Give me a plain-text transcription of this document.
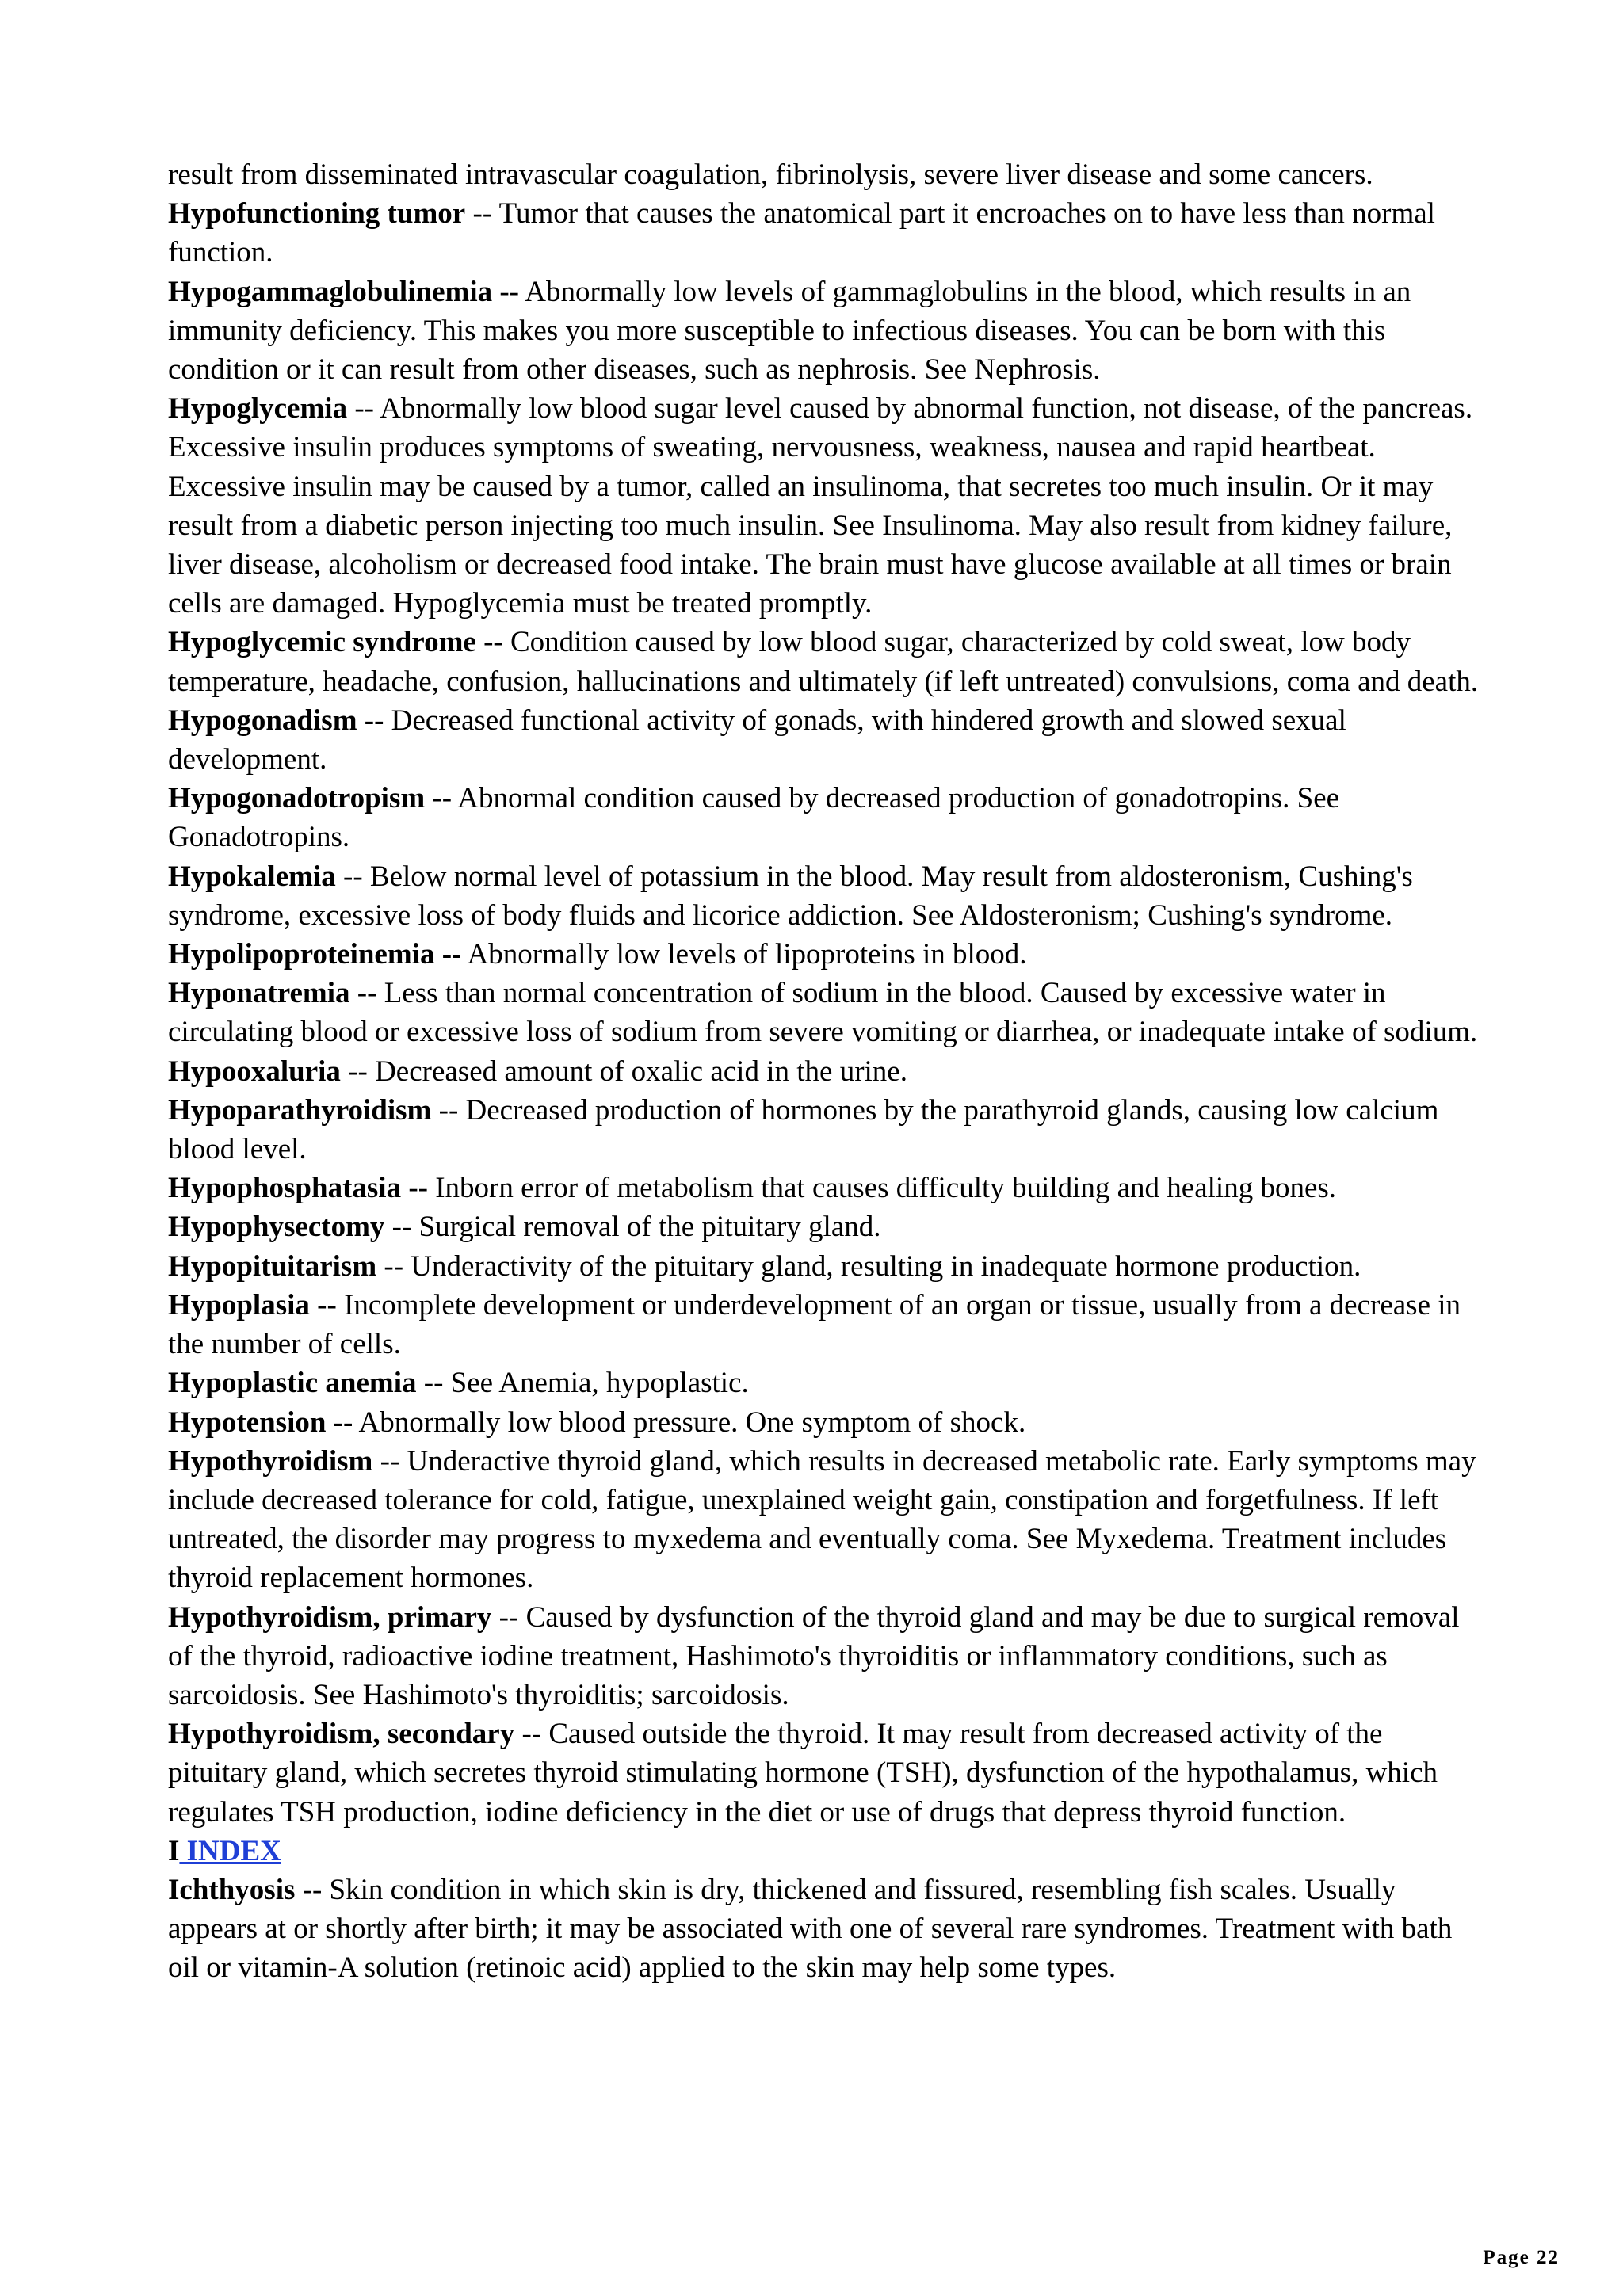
result from disseminated intravascular coagulation, fibrinolysis, severe liver disease and some cancers.

Hypofunctioning tumor -- Tumor that causes the anatomical part it encroaches on to have less than normal function.

Hypogammaglobulinemia -- Abnormally low levels of gammaglobulins in the blood, which results in an immunity deficiency. This makes you more susceptible to infectious diseases. You can be born with this condition or it can result from other diseases, such as nephrosis. See Nephrosis.

Hypoglycemia -- Abnormally low blood sugar level caused by abnormal function, not disease, of the pancreas. Excessive insulin produces symptoms of sweating, nervousness, weakness, nausea and rapid heartbeat. Excessive insulin may be caused by a tumor, called an insulinoma, that secretes too much insulin. Or it may result from a diabetic person injecting too much insulin. See Insulinoma. May also result from kidney failure, liver disease, alcoholism or decreased food intake. The brain must have glucose available at all times or brain cells are damaged. Hypoglycemia must be treated promptly.

Hypoglycemic syndrome -- Condition caused by low blood sugar, characterized by cold sweat, low body temperature, headache, confusion, hallucinations and ultimately (if left untreated) convulsions, coma and death.

Hypogonadism -- Decreased functional activity of gonads, with hindered growth and slowed sexual development.

Hypogonadotropism -- Abnormal condition caused by decreased production of gonadotropins. See Gonadotropins.

Hypokalemia -- Below normal level of potassium in the blood. May result from aldosteronism, Cushing's syndrome, excessive loss of body fluids and licorice addiction. See Aldosteronism; Cushing's syndrome.

Hypolipoproteinemia -- Abnormally low levels of lipoproteins in blood.

Hyponatremia -- Less than normal concentration of sodium in the blood. Caused by excessive water in circulating blood or excessive loss of sodium from severe vomiting or diarrhea, or inadequate intake of sodium.

Hypooxaluria -- Decreased amount of oxalic acid in the urine.

Hypoparathyroidism -- Decreased production of hormones by the parathyroid glands, causing low calcium blood level.

Hypophosphatasia -- Inborn error of metabolism that causes difficulty building and healing bones.

Hypophysectomy -- Surgical removal of the pituitary gland.

Hypopituitarism -- Underactivity of the pituitary gland, resulting in inadequate hormone production.

Hypoplasia -- Incomplete development or underdevelopment of an organ or tissue, usually from a decrease in the number of cells.

Hypoplastic anemia -- See Anemia, hypoplastic.

Hypotension -- Abnormally low blood pressure. One symptom of shock.

Hypothyroidism -- Underactive thyroid gland, which results in decreased metabolic rate. Early symptoms may include decreased tolerance for cold, fatigue, unexplained weight gain, constipation and forgetfulness. If left untreated, the disorder may progress to myxedema and eventually coma. See Myxedema. Treatment includes thyroid replacement hormones.

Hypothyroidism, primary -- Caused by dysfunction of the thyroid gland and may be due to surgical removal of the thyroid, radioactive iodine treatment, Hashimoto's thyroiditis or inflammatory conditions, such as sarcoidosis. See Hashimoto's thyroiditis; sarcoidosis.

Hypothyroidism, secondary -- Caused outside the thyroid. It may result from decreased activity of the pituitary gland, which secretes thyroid stimulating hormone (TSH), dysfunction of the hypothalamus, which regulates TSH production, iodine deficiency in the diet or use of drugs that depress thyroid function.

I INDEX

Ichthyosis -- Skin condition in which skin is dry, thickened and fissured, resembling fish scales. Usually appears at or shortly after birth; it may be associated with one of several rare syndromes. Treatment with bath oil or vitamin-A solution (retinoic acid) applied to the skin may help some types.

Page 22
